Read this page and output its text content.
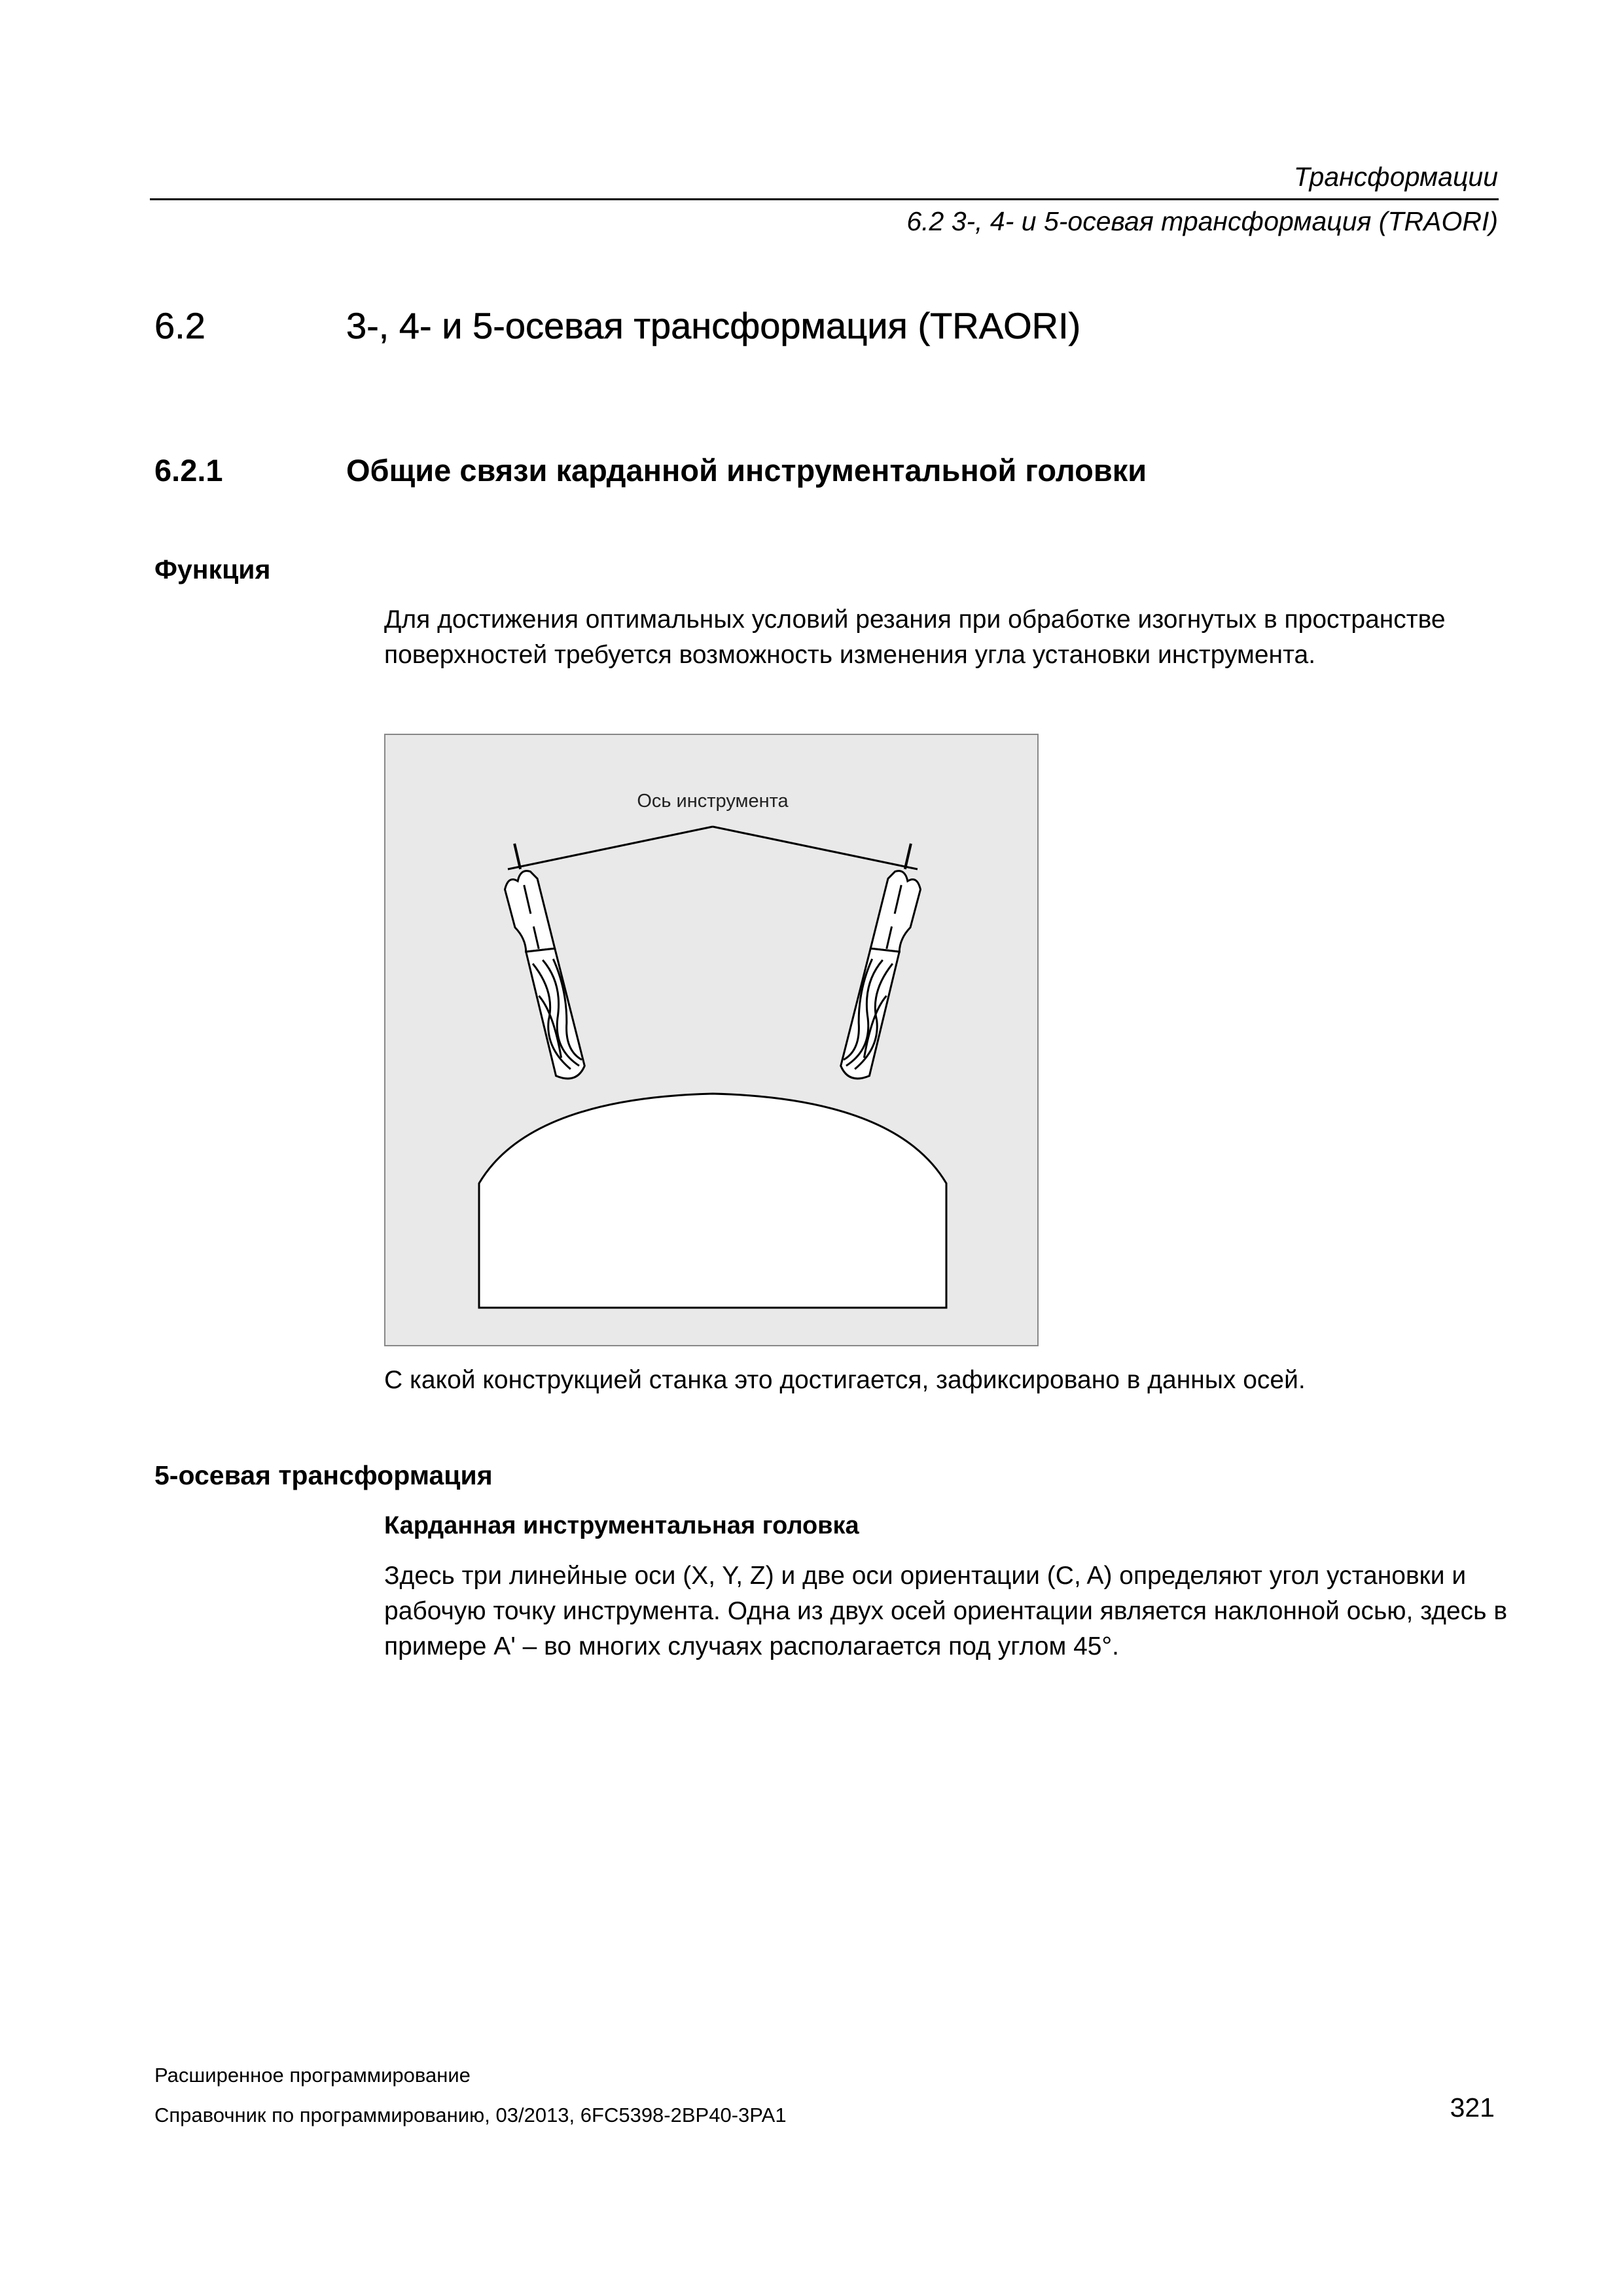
Трансформации
6.2 3-, 4- и 5-осевая трансформация (TRAORI)
6.2	3-, 4- и 5-осевая трансформация (TRAORI)
6.2.1	Общие связи карданной инструментальной головки
Функция
Для достижения оптимальных условий резания при обработке изогнутых в пространстве поверхностей требуется возможность изменения угла установки инструмента.
Ось инструмента
С какой конструкцией станка это достигается, зафиксировано в данных осей.
5-осевая трансформация
Карданная инструментальная головка
Здесь три линейные оси (X, Y, Z) и две оси ориентации (C, A) определяют угол установки и рабочую точку инструмента. Одна из двух осей ориентации является наклонной осью, здесь в примере A' – во многих случаях располагается под углом 45°.
Расширенное программирование
Справочник по программированию, 03/2013, 6FC5398-2BP40-3PA1	321
